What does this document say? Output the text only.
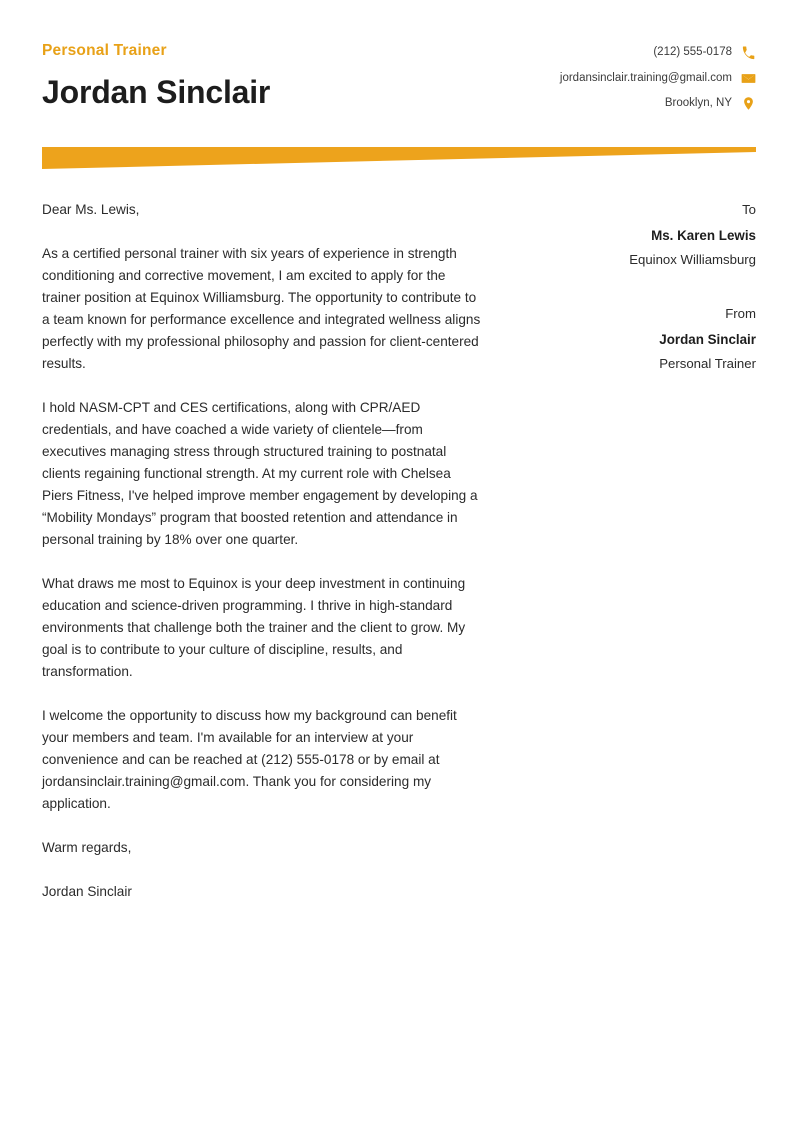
Personal Trainer
Jordan Sinclair
(212) 555-0178
jordansinclair.training@gmail.com
Brooklyn, NY

Dear Ms. Lewis,

As a certified personal trainer with six years of experience in strength conditioning and corrective movement, I am excited to apply for the trainer position at Equinox Williamsburg. The opportunity to contribute to a team known for performance excellence and integrated wellness aligns perfectly with my professional philosophy and passion for client-centered results.

I hold NASM-CPT and CES certifications, along with CPR/AED credentials, and have coached a wide variety of clientele—from executives managing stress through structured training to postnatal clients regaining functional strength. At my current role with Chelsea Piers Fitness, I've helped improve member engagement by developing a “Mobility Mondays” program that boosted retention and attendance in personal training by 18% over one quarter.

What draws me most to Equinox is your deep investment in continuing education and science-driven programming. I thrive in high-standard environments that challenge both the trainer and the client to grow. My goal is to contribute to your culture of discipline, results, and transformation.

I welcome the opportunity to discuss how my background can benefit your members and team. I'm available for an interview at your convenience and can be reached at (212) 555-0178 or by email at jordansinclair.training@gmail.com. Thank you for considering my application.

Warm regards,

Jordan Sinclair

To

Ms. Karen Lewis

Equinox Williamsburg

From

Jordan Sinclair

Personal Trainer
